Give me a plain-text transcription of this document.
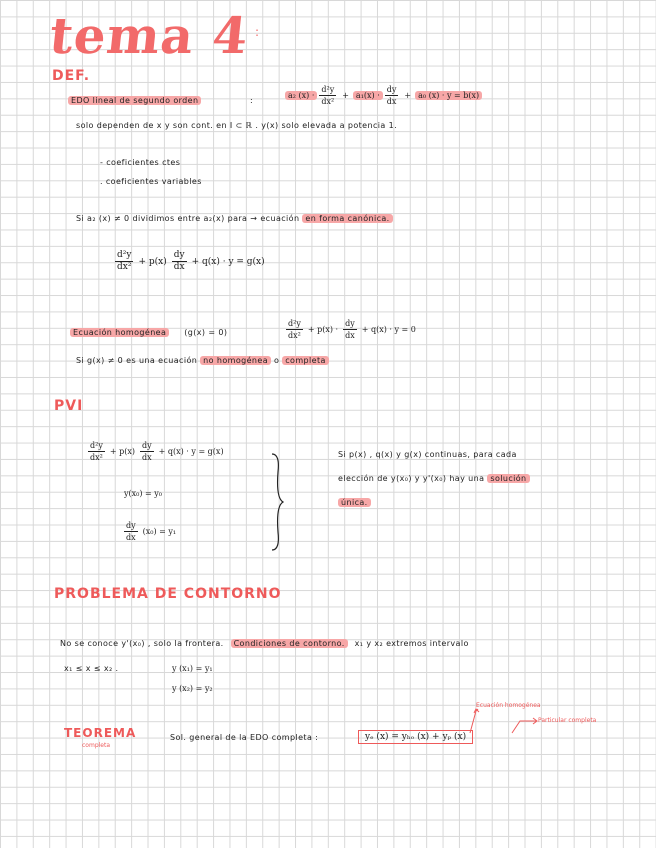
tema 4 :
DEF.
EDO lineal de segundo orden	:
a₂ $(x) \cdot \frac{\text{d²y}}{\text{dx²}} + a_1(x) \cdot \frac{dy}{dx} + a_0$ (x) · y = b(x)
solo dependen de x y son cont. en I ⊂ ℝ . y(x) solo elevada a potencia 1.
- coeficientes ctes
. coeficientes variables
Si a₂ (x) ≠ 0 dividimos entre a₂(x) para → ecuación en forma canónica.
$\frac{\text{d²y}}{\text{dx²}} + p(x) \frac{dy}{dx} + q(x) \cdot y = g(x)$
Ecuación homogénea (g(x) = 0)	$\frac{\text{d²y}}{\text{dx²}} + p(x) \cdot \frac{dy}{dx} + q(x) \cdot y = 0$
Si g(x) ≠ 0 es una ecuación no homogénea o completa
PVI
$\frac{\text{d²y}}{\text{dx²}} + p(x) \frac{dy}{dx} + q(x) \cdot y = g(x)$
y(x₀) = y₀
$\frac{dy}{dx} (x_0) = y_1$
Si p(x) , q(x) y g(x) continuas, para cada
elección de y(x₀) y y'(x₀) hay una solución
única.
PROBLEMA DE CONTORNO
No se conoce y'(x₀) , solo la frontera. Condiciones de contorno. x₁ y x₂ extremos intervalo
x₁ ≤ x ≤ x₂ .	y (x₁) = y₁
y (x₂) = y₂
TEOREMA
completa
Sol. general de la EDO completa :	yₑ (x) = yₕₒ (x) + yₚ (x)
Ecuación homogénea
Particular completa
